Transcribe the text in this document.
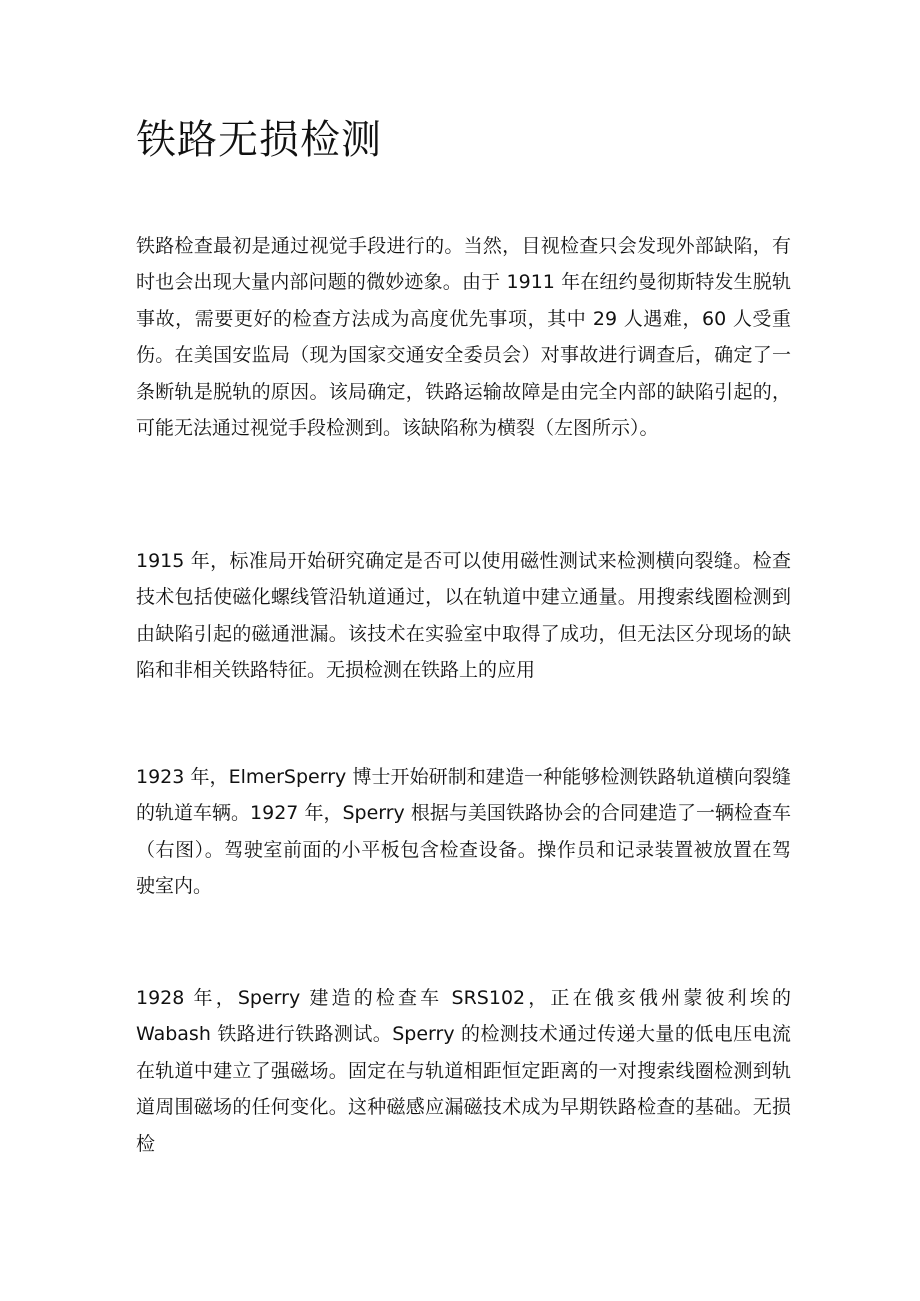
铁路无损检测

铁路检查最初是通过视觉手段进行的。当然，目视检查只会发现外部缺陷，有时也会出现大量内部问题的微妙迹象。由于 1911 年在纽约曼彻斯特发生脱轨事故，需要更好的检查方法成为高度优先事项，其中 29 人遇难，60 人受重伤。在美国安监局（现为国家交通安全委员会）对事故进行调查后，确定了一条断轨是脱轨的原因。该局确定，铁路运输故障是由完全内部的缺陷引起的，可能无法通过视觉手段检测到。该缺陷称为横裂（左图所示）。

1915 年，标准局开始研究确定是否可以使用磁性测试来检测横向裂缝。检查技术包括使磁化螺线管沿轨道通过，以在轨道中建立通量。用搜索线圈检测到由缺陷引起的磁通泄漏。该技术在实验室中取得了成功，但无法区分现场的缺陷和非相关铁路特征。无损检测在铁路上的应用

1923 年，ElmerSperry 博士开始研制和建造一种能够检测铁路轨道横向裂缝的轨道车辆。1927 年，Sperry 根据与美国铁路协会的合同建造了一辆检查车（右图）。驾驶室前面的小平板包含检查设备。操作员和记录装置被放置在驾驶室内。

1928 年，Sperry 建造的检查车 SRS102，正在俄亥俄州蒙彼利埃的 Wabash 铁路进行铁路测试。Sperry 的检测技术通过传递大量的低电压电流在轨道中建立了强磁场。固定在与轨道相距恒定距离的一对搜索线圈检测到轨道周围磁场的任何变化。这种磁感应漏磁技术成为早期铁路检查的基础。无损检
